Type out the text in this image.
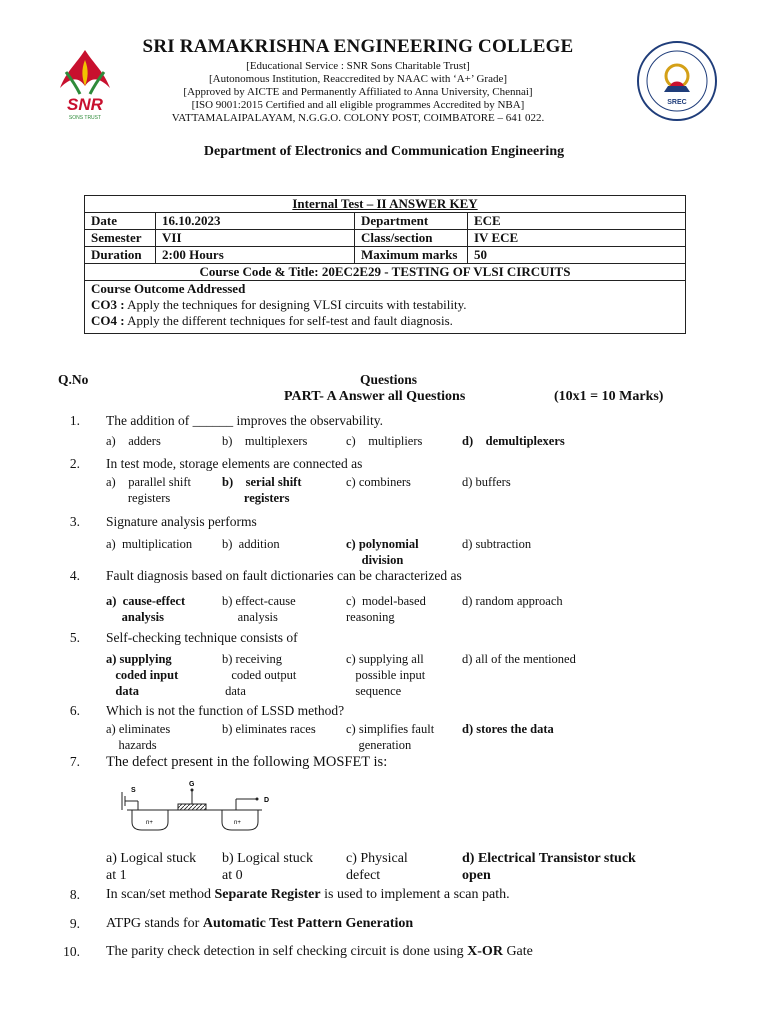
SNR
SONS TRUST
SREC
SRI RAMAKRISHNA ENGINEERING COLLEGE
[Educational Service : SNR Sons Charitable Trust]
[Autonomous Institution, Reaccredited by NAAC with ‘A+’ Grade]
[Approved by AICTE and Permanently Affiliated to Anna University, Chennai]
[ISO 9001:2015 Certified and all eligible programmes Accredited by NBA]
VATTAMALAIPALAYAM, N.G.G.O. COLONY POST, COIMBATORE – 641 022.
Department of Electronics and Communication Engineering
Internal Test – II ANSWER KEY			
Date	16.10.2023	Department	ECE
Semester	VII	Class/section	IV ECE
Duration	2:00 Hours	Maximum marks	50
Course Code & Title: 20EC2E29 - TESTING OF VLSI CIRCUITS			

Course Outcome Addressed
CO3 : Apply the techniques for designing VLSI circuits with testability.
CO4 : Apply the different techniques for self-test and fault diagnosis.			
Q.No	Questions
PART- A Answer all Questions	(10x1 = 10 Marks)
1. The addition of ______ improves the observability.
a)    adders	b)    multiplexers	c)    multipliers	d)    demultiplexers
2. In test mode, storage elements are connected as
a)    parallel shift
registers
b)    serial shift
registers
c) combiners	d) buffers
3. Signature analysis performs
a)  multiplication b)  addition	c) polynomial
division
d) subtraction
4. Fault diagnosis based on fault dictionaries can be characterized as
a)  cause-effect
analysis
b) effect-cause
analysis
c)  model-based
reasoning
d) random approach
5. Self-checking technique consists of
a) supplying
coded input
data
b) receiving
coded output
data
c) supplying all
possible input
sequence
d) all of the mentioned
6. Which is not the function of LSSD method?
a) eliminates
hazards
b) eliminates races c) simplifies fault
generation
d) stores the data
7. The defect present in the following MOSFET is:
a) Logical stuck
at 1
b) Logical stuck
at 0
c) Physical
defect
d) Electrical Transistor stuck
open
8. In scan/set method Separate Register is used to implement a scan path.
9. ATPG stands for Automatic Test Pattern Generation
10. The parity check detection in self checking circuit is done using X-OR Gate
S
G
D
n+	n+
